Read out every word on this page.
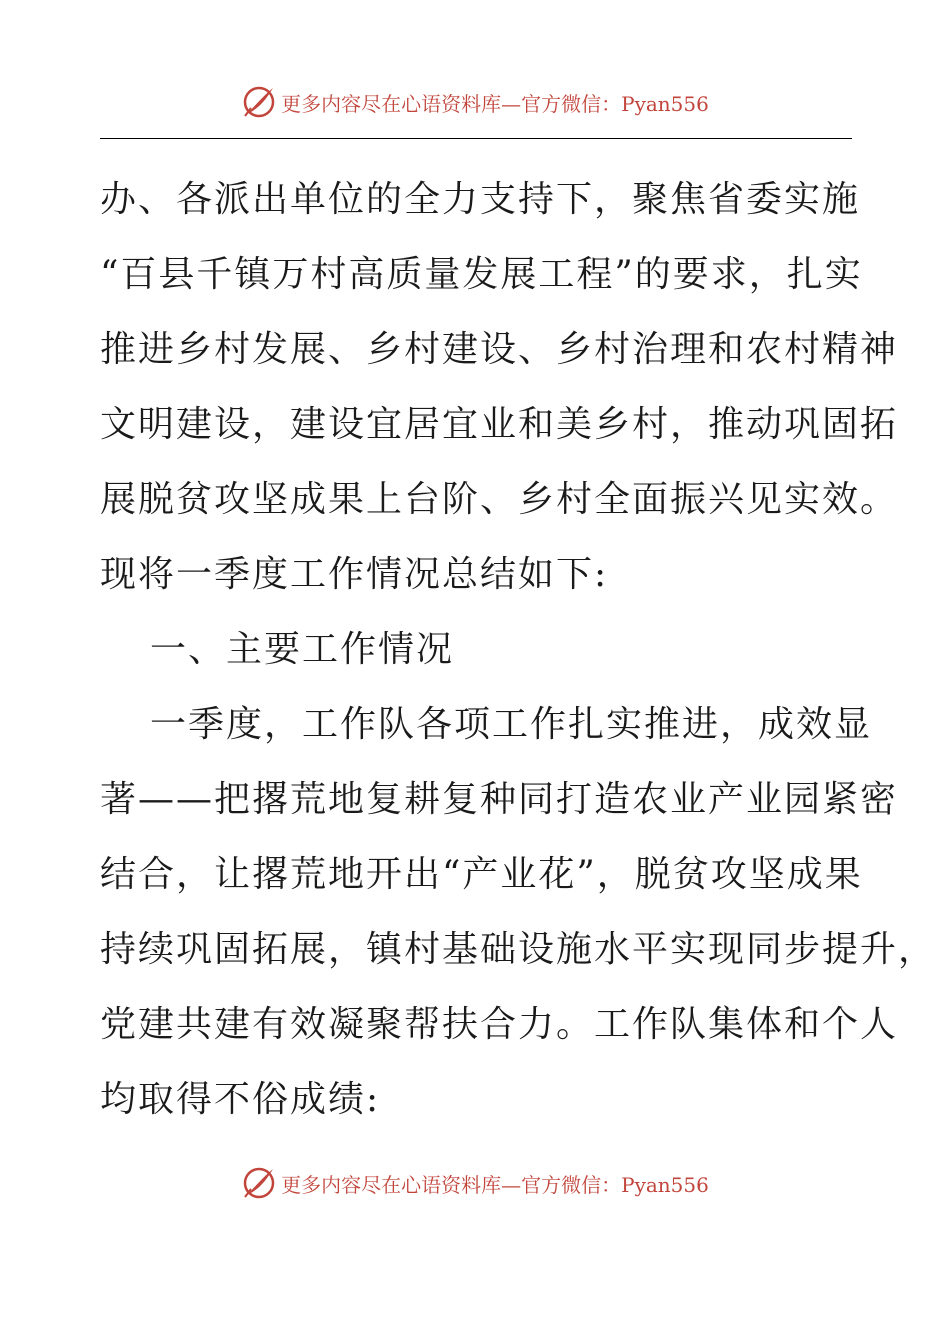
更多内容尽在心语资料库—官方微信：Pyan556
办、各派出单位的全力支持下，聚焦省委实施
“百县千镇万村高质量发展工程”的要求，扎实
推进乡村发展、乡村建设、乡村治理和农村精神
文明建设，建设宜居宜业和美乡村，推动巩固拓
展脱贫攻坚成果上台阶、乡村全面振兴见实效。
现将一季度工作情况总结如下:
一、主要工作情况
一季度，工作队各项工作扎实推进，成效显
著——把撂荒地复耕复种同打造农业产业园紧密
结合，让撂荒地开出“产业花”，脱贫攻坚成果
持续巩固拓展，镇村基础设施水平实现同步提升，
党建共建有效凝聚帮扶合力。工作队集体和个人
均取得不俗成绩:
更多内容尽在心语资料库—官方微信：Pyan556
